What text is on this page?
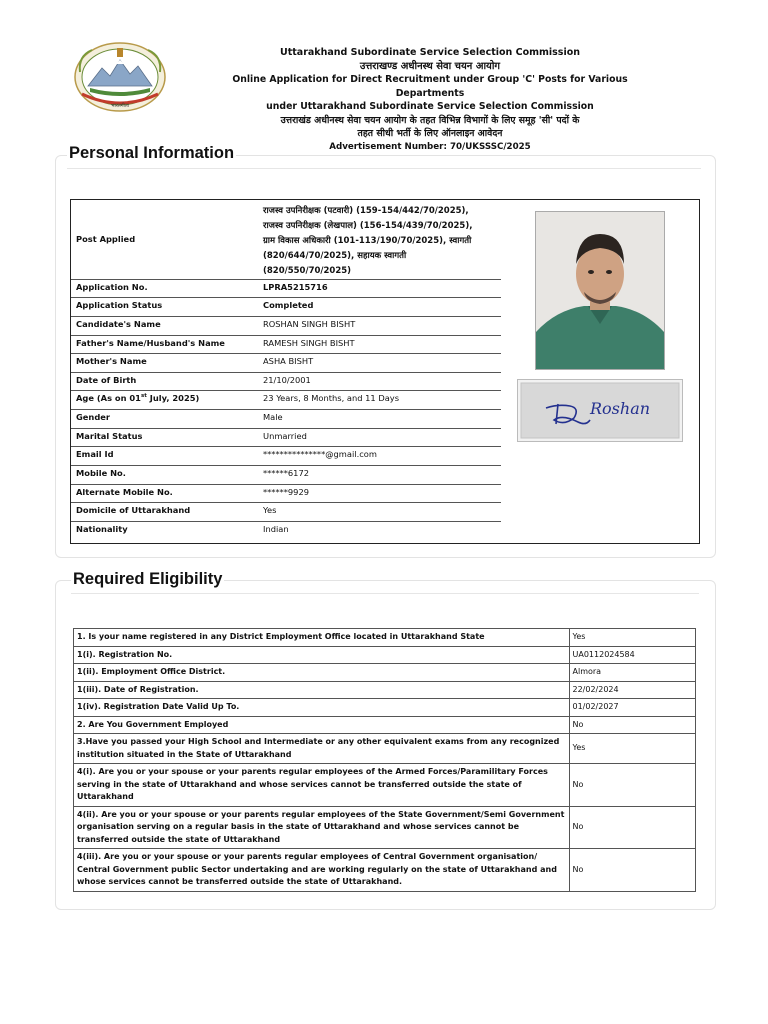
भारतगीता
Uttarakhand Subordinate Service Selection Commission
उत्तराखण्ड अधीनस्थ सेवा चयन आयोग
Online Application for Direct Recruitment under Group 'C' Posts for Various Departments
under Uttarakhand Subordinate Service Selection Commission
उत्तराखंड अधीनस्थ सेवा चयन आयोग के तहत विभिन्न विभागों के लिए समूह 'सी' पदों के
तहत सीधी भर्ती के लिए ऑनलाइन आवेदन
Advertisement Number: 70/UKSSSC/2025
Personal Information
Post Applied
राजस्व उपनिरीक्षक (पटवारी) (159-154/442/70/2025),
राजस्व उपनिरीक्षक (लेखपाल) (156-154/439/70/2025),
ग्राम विकास अधिकारी (101-113/190/70/2025), स्वागती
(820/644/70/2025), सहायक स्वागती
(820/550/70/2025)
Application No.	LPRA5215716
Application Status	Completed
Candidate's Name	ROSHAN SINGH BISHT
Father's Name/Husband's Name	RAMESH SINGH BISHT
Mother's Name	ASHA BISHT
Date of Birth	21/10/2001
Age (As on 01st July, 2025)	23 Years, 8 Months, and 11 Days
Gender	Male
Marital Status	Unmarried
Email Id	***************@gmail.com
Mobile No.	******6172
Alternate Mobile No.	******9929
Domicile of Uttarakhand	Yes
Nationality	Indian
Roshan
Required Eligibility
1. Is your name registered in any District Employment Office located in Uttarakhand State	Yes
1(i). Registration No.	UA0112024584
1(ii). Employment Office District.	Almora
1(iii). Date of Registration.	22/02/2024
1(iv). Registration Date Valid Up To.	01/02/2027
2. Are You Government Employed	No
3.Have you passed your High School and Intermediate or any other equivalent exams from any recognized institution situated in the State of Uttarakhand	Yes
4(i). Are you or your spouse or your parents regular employees of the Armed Forces/Paramilitary Forces serving in the state of Uttarakhand and whose services cannot be transferred outside the state of Uttarakhand	No
4(ii). Are you or your spouse or your parents regular employees of the State Government/Semi Government organisation serving on a regular basis in the state of Uttarakhand and whose services cannot be transferred outside the state of Uttarakhand	No
4(iii). Are you or your spouse or your parents regular employees of Central Government organisation/ Central Government public Sector undertaking and are working regularly on the state of Uttarakhand and whose services cannot be transferred outside the state of Uttarakhand.	No
